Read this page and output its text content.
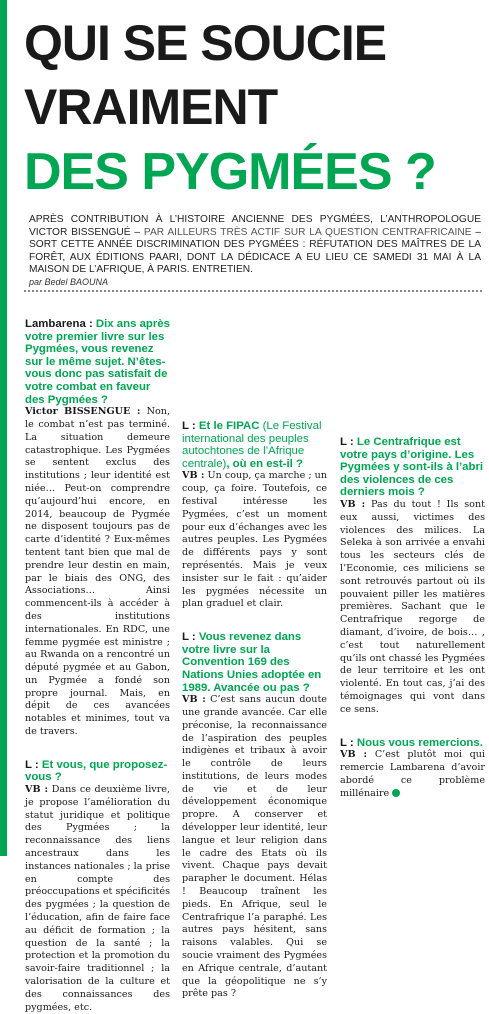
QUI SE SOUCIE
VRAIMENT
DES PYGMÉES ?

APRÈS CONTRIBUTION À L’HISTOIRE ANCIENNE DES PYGMÉES, L’ANTHROPOLOGUE VICTOR BISSENGUÉ – PAR AILLEURS TRÈS ACTIF SUR LA QUESTION CENTRAFRICAINE – SORT CETTE ANNÉE DISCRIMINATION DES PYGMÉES : RÉFUTATION DES MAÎTRES DE LA FORÊT, AUX ÉDITIONS PAARI, DONT LA DÉDICACE A EU LIEU CE SAMEDI 31 MAI À LA MAISON DE L’AFRIQUE, À PARIS. ENTRETIEN.

par Bedel BAOUNA

Lambarena : Dix ans après votre premier livre sur les Pygmées, vous revenez sur le même sujet. N’êtes-vous donc pas satisfait de votre combat en faveur des Pygmées ?

Victor BISSENGUE : Non, le combat n’est pas terminé. La situation demeure catastrophique. Les Pygmées se sentent exclus des institutions ; leur identité est niée… Peut-on comprendre qu’aujourd’hui encore, en 2014, beaucoup de Pygmée ne disposent toujours pas de carte d’identité ? Eux-mêmes tentent tant bien que mal de prendre leur destin en main, par le biais des ONG, des Associations… Ainsi commencent-ils à accéder à des institutions internationales. En RDC, une femme pygmée est ministre ; au Rwanda on a rencontré un député pygmée et au Gabon, un Pygmée a fondé son propre journal. Mais, en dépit de ces avancées notables et minimes, tout va de travers.

L : Et vous, que proposez-vous ?

VB : Dans ce deuxième livre, je propose l’amélioration du statut juridique et politique des Pygmées ; la reconnaissance des liens ancestraux dans les instances nationales ; la prise en compte des préoccupations et spécificités des pygmées ; la question de l’éducation, afin de faire face au déficit de formation ; la question de la santé ; la protection et la promotion du savoir-faire traditionnel ; la valorisation de la culture et des connaissances des pygmées, etc.

L : Et le FIPAC (Le Festival international des peuples autochtones de l’Afrique centrale), où en est-il ?

VB : Un coup, ça marche ; un coup, ça foire. Toutefois, ce festival intéresse les Pygmées, c’est un moment pour eux d’échanges avec les autres peuples. Les Pygmées de différents pays y sont représentés. Mais je veux insister sur le fait : qu’aider les pygmées nécessite un plan graduel et clair.

L : Vous revenez dans votre livre sur la Convention 169 des Nations Unies adoptée en 1989. Avancée ou pas ?

VB : C’est sans aucun doute une grande avancée. Car elle préconise, la reconnaissance de l’aspiration des peuples indigènes et tribaux à avoir le contrôle de leurs institutions, de leurs modes de vie et de leur développement économique propre. A conserver et développer leur identité, leur langue et leur religion dans le cadre des Etats où ils vivent. Chaque pays devait parapher le document. Hélas ! Beaucoup traînent les pieds. En Afrique, seul le Centrafrique l’a paraphé. Les autres pays hésitent, sans raisons valables. Qui se soucie vraiment des Pygmées en Afrique centrale, d’autant que la géopolitique ne s’y prête pas ?

L : Le Centrafrique est votre pays d’origine. Les Pygmées y sont-ils à l’abri des violences de ces derniers mois ?

VB : Pas du tout ! Ils sont eux aussi, victimes des violences des milices. La Seleka à son arrivée a envahi tous les secteurs clés de l’Economie, ces miliciens se sont retrouvés partout où ils pouvaient piller les matières premières. Sachant que le Centrafrique regorge de diamant, d’ivoire, de bois… , c’est tout naturellement qu’ils ont chassé les Pygmées de leur territoire et les ont violenté. En tout cas, j’ai des témoignages qui vont dans ce sens.

L : Nous vous remercions.

VB : C’est plutôt moi qui remercie Lambarena d’avoir abordé ce problème millénaire
